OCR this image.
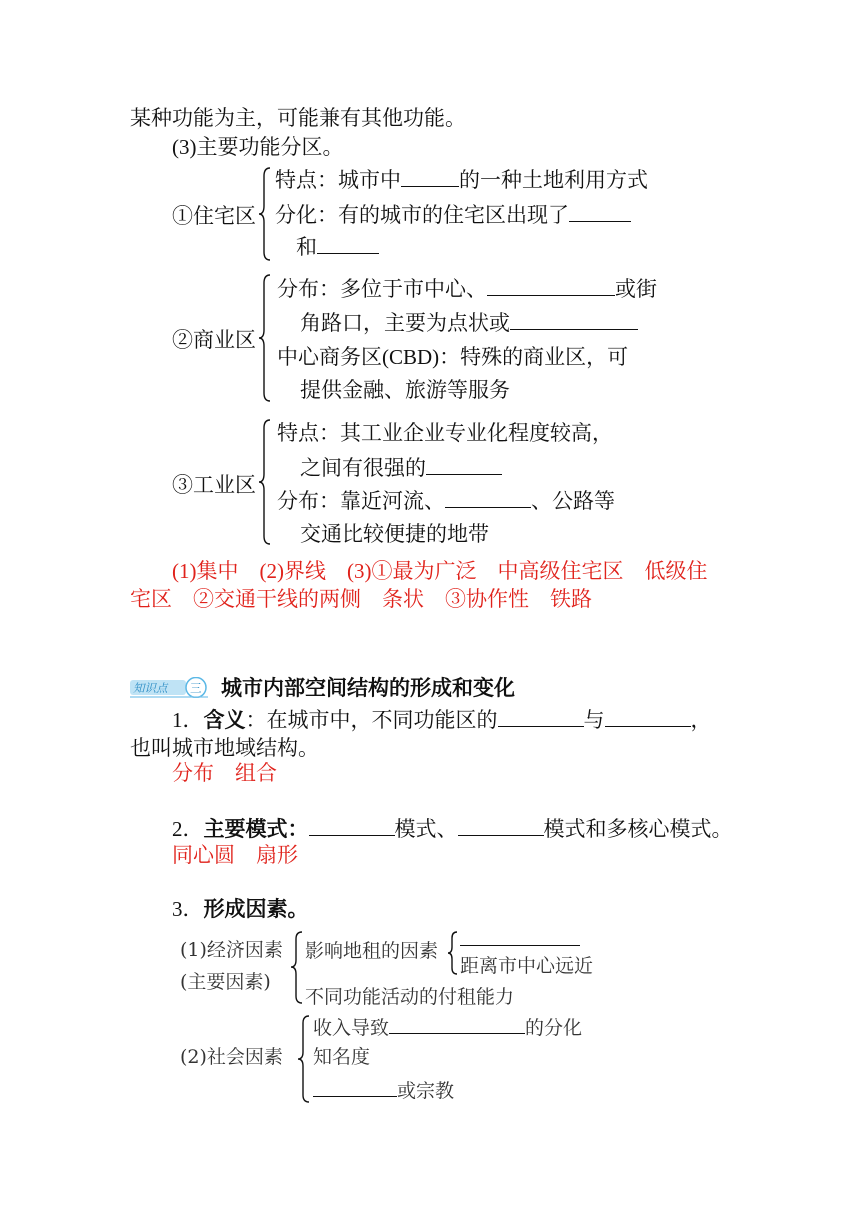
某种功能为主，可能兼有其他功能。
(3)主要功能分区。
①住宅区
特点：城市中	的一种土地利用方式
分化：有的城市的住宅区出现了
和
②商业区
分布：多位于市中心、	或街
角路口，主要为点状或
中心商务区(CBD)：特殊的商业区，可
提供金融、旅游等服务
③工业区
特点：其工业企业专业化程度较高，
之间有很强的
分布：靠近河流、	、公路等
交通比较便捷的地带
(1)集中　(2)界线　(3)①最为广泛　中高级住宅区　低级住
宅区　②交通干线的两侧　条状　③协作性　铁路
知识点 三 城市内部空间结构的形成和变化
1．含义：在城市中，不同功能区的	与	，
也叫城市地域结构。
分布　组合
2．主要模式：	模式、	模式和多核心模式。
同心圆　扇形
3．形成因素。
(1)经济因素
(主要因素)
影响地租的因素
距离市中心远近
不同功能活动的付租能力
(2)社会因素
收入导致	的分化
知名度
或宗教
